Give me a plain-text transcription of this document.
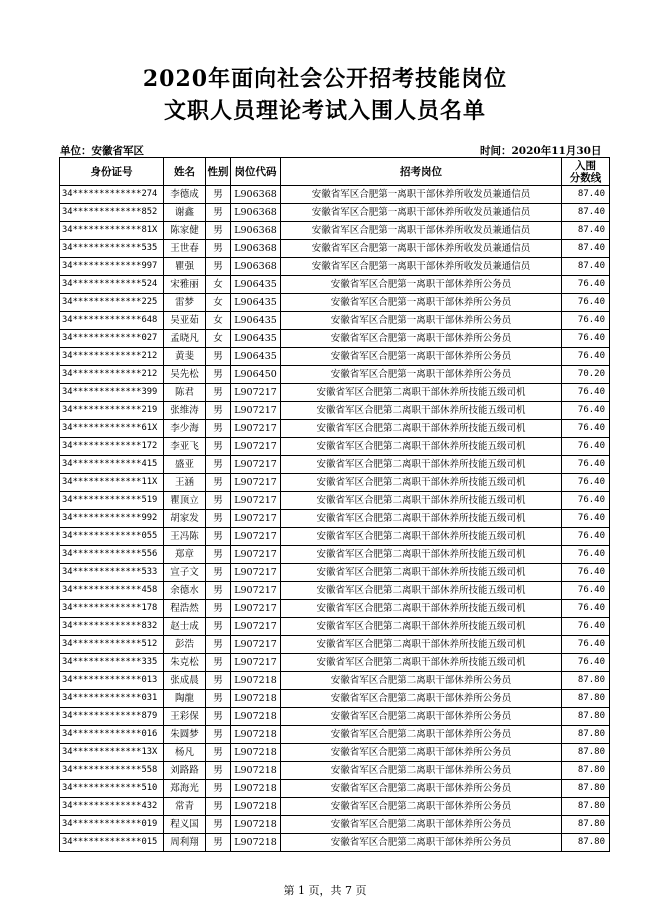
2020年面向社会公开招考技能岗位
文职人员理论考试入围人员名单
单位：安徽省军区	时间：2020年11月30日
身份证号	姓名	性别	岗位代码	招考岗位	入围
分数线
34*************274	李德成	男	L906368	安徽省军区合肥第一离职干部休养所收发员兼通信员	87.40
34*************852	谢鑫	男	L906368	安徽省军区合肥第一离职干部休养所收发员兼通信员	87.40
34*************81X	陈家健	男	L906368	安徽省军区合肥第一离职干部休养所收发员兼通信员	87.40
34*************535	王世春	男	L906368	安徽省军区合肥第一离职干部休养所收发员兼通信员	87.40
34*************997	瞿强	男	L906368	安徽省军区合肥第一离职干部休养所收发员兼通信员	87.40
34*************524	宋雅丽	女	L906435	安徽省军区合肥第一离职干部休养所公务员	76.40
34*************225	雷梦	女	L906435	安徽省军区合肥第一离职干部休养所公务员	76.40
34*************648	吴亚茹	女	L906435	安徽省军区合肥第一离职干部休养所公务员	76.40
34*************027	孟晓凡	女	L906435	安徽省军区合肥第一离职干部休养所公务员	76.40
34*************212	黄斐	男	L906435	安徽省军区合肥第一离职干部休养所公务员	76.40
34*************212	吴先松	男	L906450	安徽省军区合肥第一离职干部休养所公务员	70.20
34*************399	陈君	男	L907217	安徽省军区合肥第二离职干部休养所技能五级司机	76.40
34*************219	张维涛	男	L907217	安徽省军区合肥第二离职干部休养所技能五级司机	76.40
34*************61X	李少海	男	L907217	安徽省军区合肥第二离职干部休养所技能五级司机	76.40
34*************172	李亚飞	男	L907217	安徽省军区合肥第二离职干部休养所技能五级司机	76.40
34*************415	盛亚	男	L907217	安徽省军区合肥第二离职干部休养所技能五级司机	76.40
34*************11X	王涵	男	L907217	安徽省军区合肥第二离职干部休养所技能五级司机	76.40
34*************519	瞿顶立	男	L907217	安徽省军区合肥第二离职干部休养所技能五级司机	76.40
34*************992	胡家发	男	L907217	安徽省军区合肥第二离职干部休养所技能五级司机	76.40
34*************055	王冯陈	男	L907217	安徽省军区合肥第二离职干部休养所技能五级司机	76.40
34*************556	郑章	男	L907217	安徽省军区合肥第二离职干部休养所技能五级司机	76.40
34*************533	宣子文	男	L907217	安徽省军区合肥第二离职干部休养所技能五级司机	76.40
34*************458	余德水	男	L907217	安徽省军区合肥第二离职干部休养所技能五级司机	76.40
34*************178	程浩然	男	L907217	安徽省军区合肥第二离职干部休养所技能五级司机	76.40
34*************832	赵士成	男	L907217	安徽省军区合肥第二离职干部休养所技能五级司机	76.40
34*************512	彭浩	男	L907217	安徽省军区合肥第二离职干部休养所技能五级司机	76.40
34*************335	朱克松	男	L907217	安徽省军区合肥第二离职干部休养所技能五级司机	76.40
34*************013	张成晨	男	L907218	安徽省军区合肥第二离职干部休养所公务员	87.80
34*************031	陶龍	男	L907218	安徽省军区合肥第二离职干部休养所公务员	87.80
34*************879	王彩保	男	L907218	安徽省军区合肥第二离职干部休养所公务员	87.80
34*************016	朱圆梦	男	L907218	安徽省军区合肥第二离职干部休养所公务员	87.80
34*************13X	杨凡	男	L907218	安徽省军区合肥第二离职干部休养所公务员	87.80
34*************558	刘路路	男	L907218	安徽省军区合肥第二离职干部休养所公务员	87.80
34*************510	郑海光	男	L907218	安徽省军区合肥第二离职干部休养所公务员	87.80
34*************432	常青	男	L907218	安徽省军区合肥第二离职干部休养所公务员	87.80
34*************019	程义国	男	L907218	安徽省军区合肥第二离职干部休养所公务员	87.80
34*************015	周利翔	男	L907218	安徽省军区合肥第二离职干部休养所公务员	87.80
第 1 页，共 7 页
